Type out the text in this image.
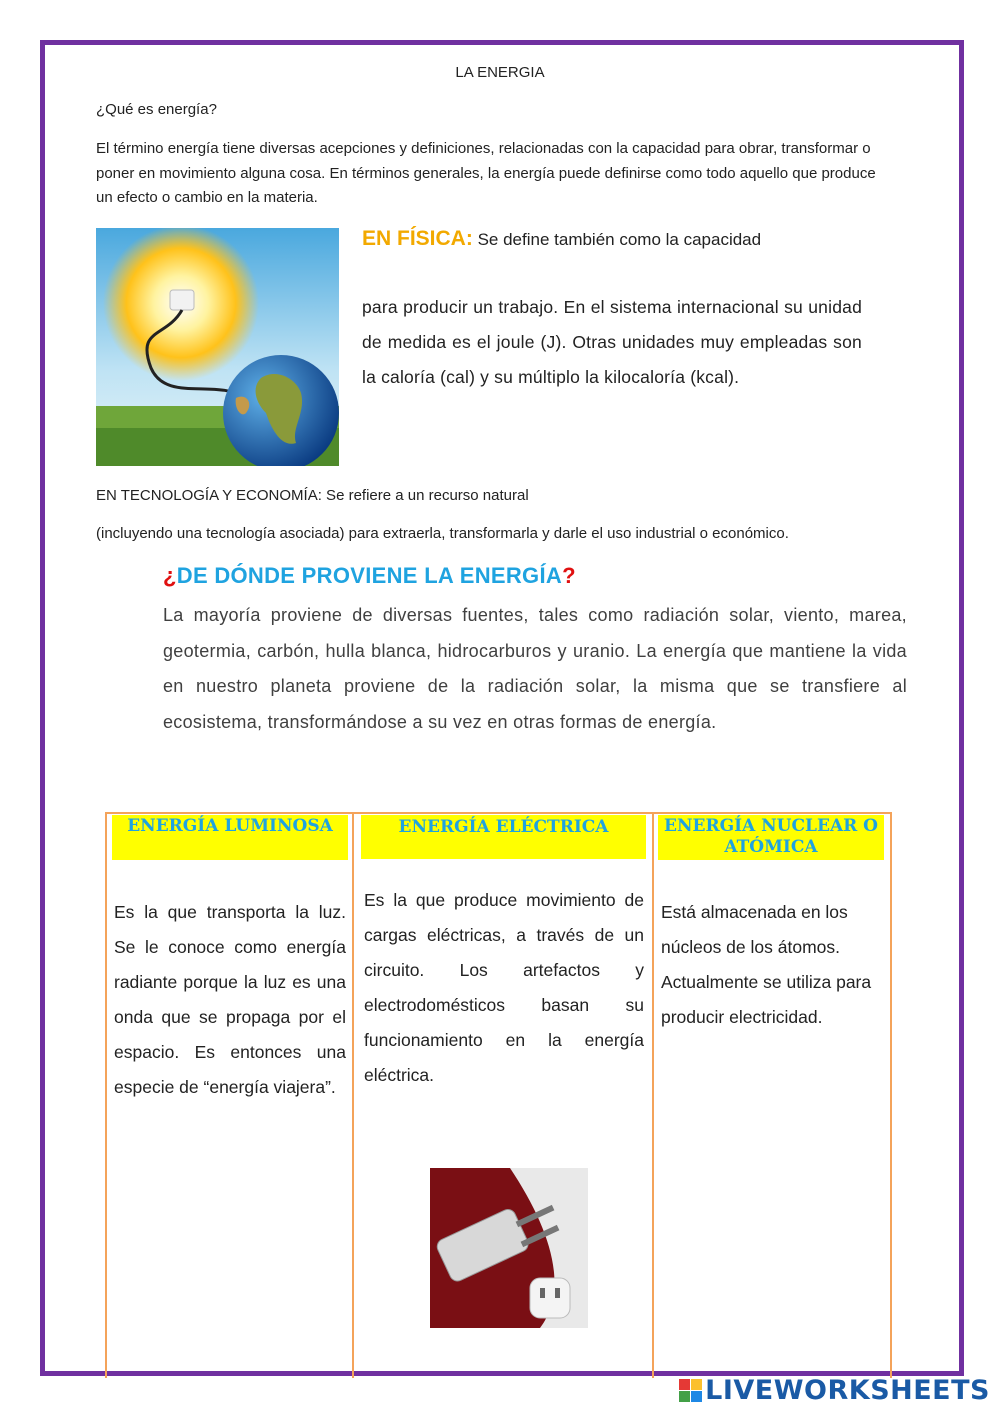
LA ENERGIA
¿Qué es energía?
El término energía tiene diversas acepciones y definiciones, relacionadas con la capacidad para obrar, transformar o poner en movimiento alguna cosa. En términos generales, la energía puede definirse como todo aquello que produce un efecto o cambio en la materia.
EN FÍSICA: Se define también como la capacidad
para producir un trabajo. En el sistema internacional su unidad de medida es el joule (J). Otras unidades muy empleadas son la caloría (cal) y su múltiplo la kilocaloría (kcal).
EN TECNOLOGÍA Y ECONOMÍA: Se refiere a un recurso natural
(incluyendo una tecnología asociada) para extraerla, transformarla y darle el uso industrial o económico.
¿DE DÓNDE PROVIENE LA ENERGÍA?
La mayoría proviene de diversas fuentes, tales como radiación solar, viento, marea, geotermia, carbón, hulla blanca, hidrocarburos y uranio. La energía que mantiene la vida en nuestro planeta proviene de la radiación solar, la misma que se transfiere al ecosistema, transformándose a su vez en otras formas de energía.
ENERGÍA LUMINOSA	ENERGÍA ELÉCTRICA	ENERGÍA NUCLEAR O ATÓMICA
Es la que transporta la luz. Se le conoce como energía radiante porque la luz es una onda que se propaga por el espacio. Es entonces una especie de “energía viajera”.
Es la que produce movimiento de cargas eléctricas, a través de un circuito. Los artefactos y electrodomésticos basan su funcionamiento en la energía eléctrica.
Está almacenada en los núcleos de los átomos. Actualmente se utiliza para producir electricidad.
LIVEWORKSHEETS
